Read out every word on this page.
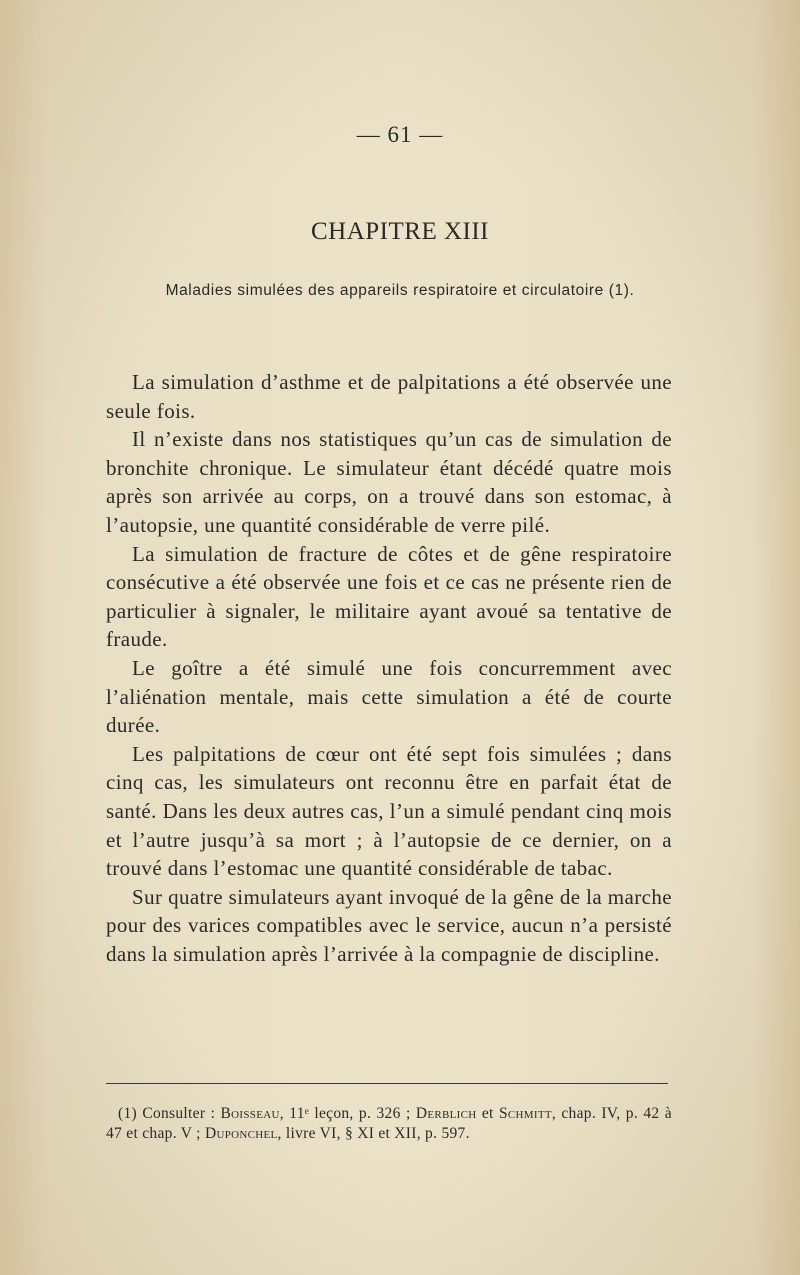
— 61 —
CHAPITRE XIII
Maladies simulées des appareils respiratoire et circulatoire (1).

La simulation d’asthme et de palpitations a été observée une seule fois.

Il n’existe dans nos statistiques qu’un cas de simulation de bronchite chronique. Le simulateur étant décédé quatre mois après son arrivée au corps, on a trouvé dans son estomac, à l’autopsie, une quantité considérable de verre pilé.

La simulation de fracture de côtes et de gêne respiratoire consécutive a été observée une fois et ce cas ne présente rien de particulier à signaler, le militaire ayant avoué sa tentative de fraude.

Le goître a été simulé une fois concurremment avec l’aliénation mentale, mais cette simulation a été de courte durée.

Les palpitations de cœur ont été sept fois simulées ; dans cinq cas, les simulateurs ont reconnu être en parfait état de santé. Dans les deux autres cas, l’un a simulé pendant cinq mois et l’autre jusqu’à sa mort ; à l’autopsie de ce dernier, on a trouvé dans l’estomac une quantité considérable de tabac.

Sur quatre simulateurs ayant invoqué de la gêne de la marche pour des varices compatibles avec le service, aucun n’a persisté dans la simulation après l’arrivée à la compagnie de discipline.

(1) Consulter : Boisseau, 11ᵉ leçon, p. 326 ; Derblich et Schmitt, chap. IV, p. 42 à 47 et chap. V ; Duponchel, livre VI, § XI et XII, p. 597.
